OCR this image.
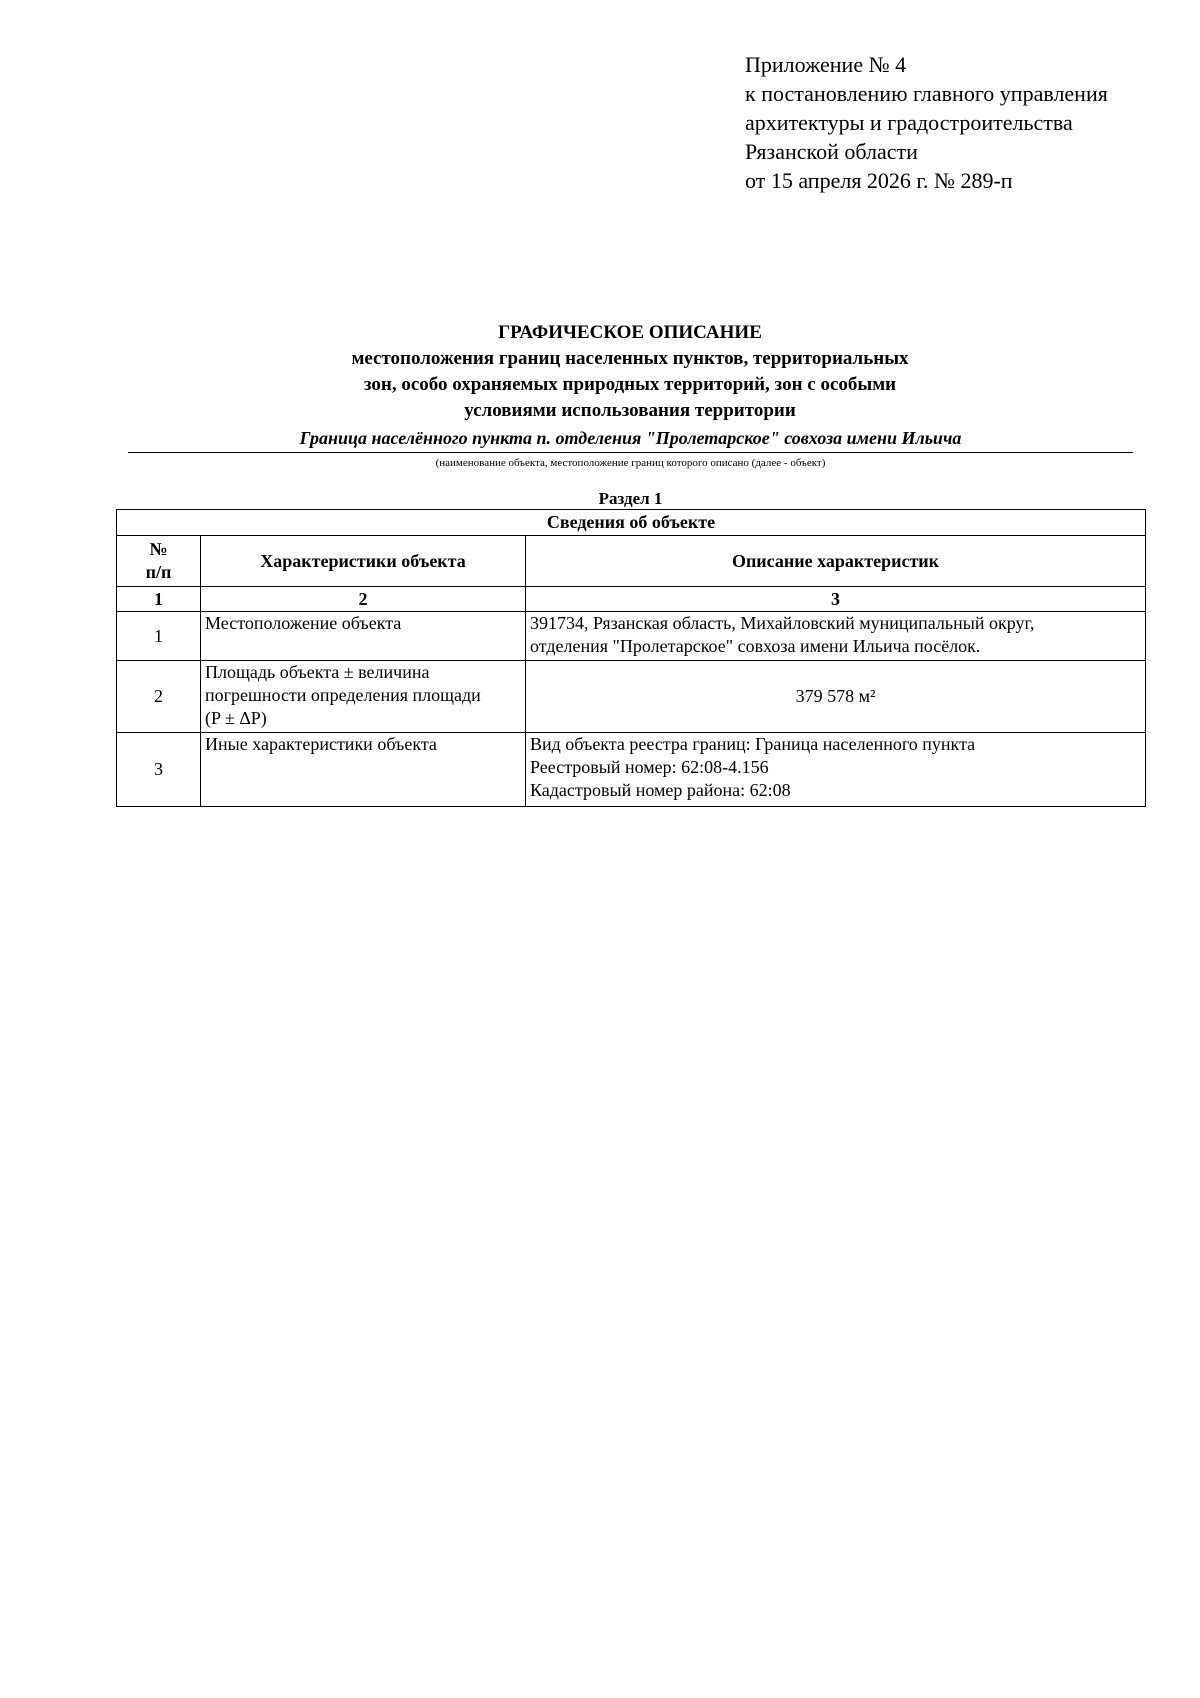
Приложение № 4
к постановлению главного управления
архитектуры и градостроительства
Рязанской области
от 15 апреля 2026 г. № 289-п
ГРАФИЧЕСКОЕ ОПИСАНИЕ
местоположения границ населенных пунктов, территориальных
зон, особо охраняемых природных территорий, зон с особыми
условиями использования территории
Граница населённого пункта п. отделения "Пролетарское" совхоза имени Ильича
(наименование объекта, местоположение границ которого описано (далее - объект)
Раздел 1
Сведения об объекте		

№
п/п	Характеристики объекта	Описание характеристик
1	2	3
1	Местоположение объекта	391734, Рязанская область, Михайловский муниципальный округ,
отделения "Пролетарское" совхоза имени Ильича посёлок.

2	Площадь объекта ± величина
погрешности определения площади
(P ± ΔP)	379 578 м²

3	Иные характеристики объекта	Вид объекта реестра границ: Граница населенного пункта
Реестровый номер: 62:08-4.156
Кадастровый номер района: 62:08
